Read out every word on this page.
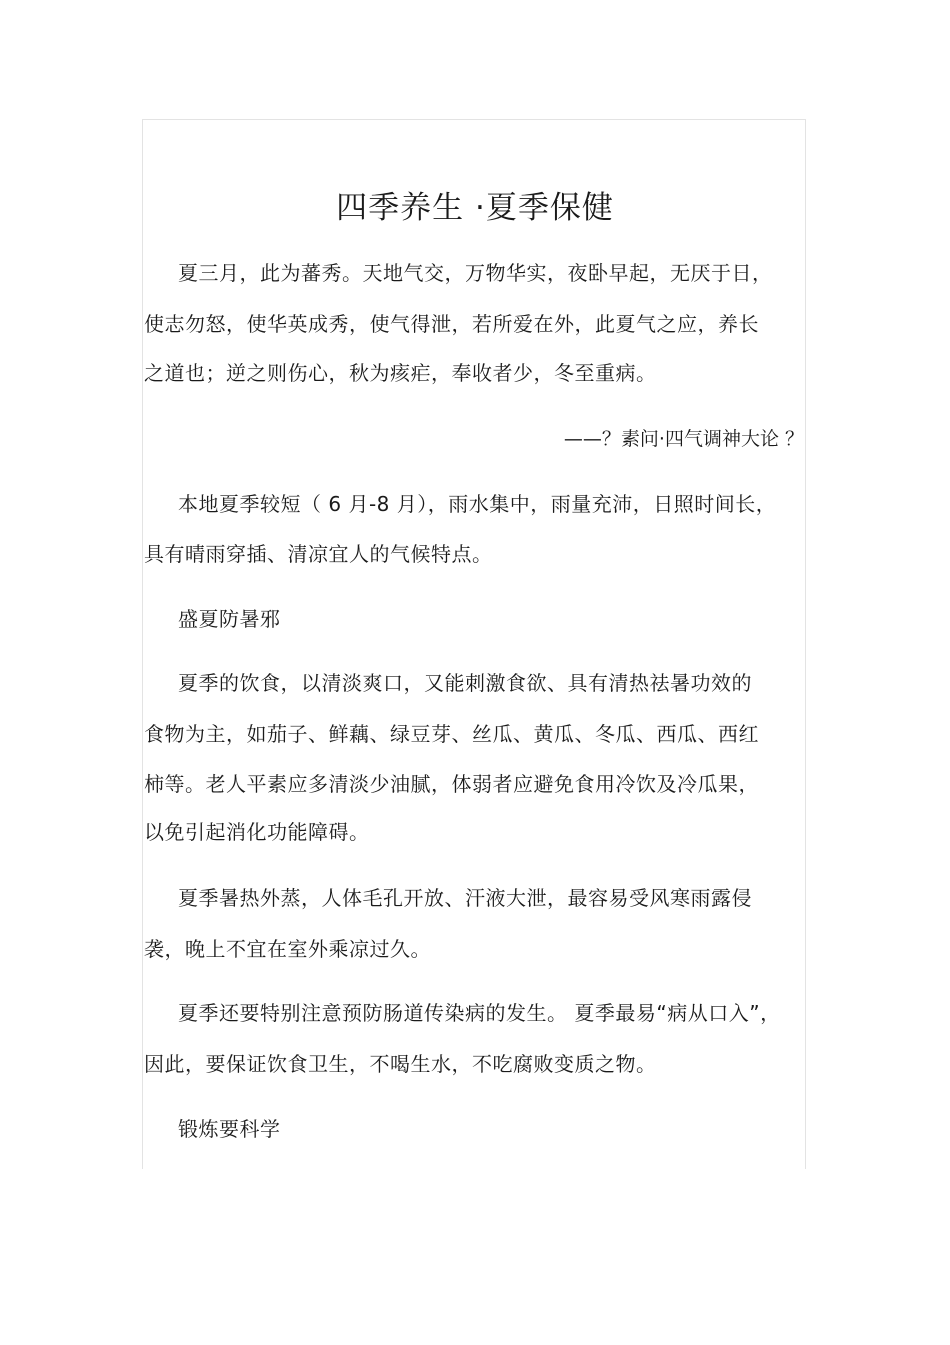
四季养生 ·夏季保健
夏三月，此为蕃秀。天地气交，万物华实，夜卧早起，无厌于日，
使志勿怒，使华英成秀，使气得泄，若所爱在外，此夏气之应，养长
之道也；逆之则伤心，秋为痎疟，奉收者少，冬至重病。
——？素问·四气调神大论 ？
本地夏季较短（ 6 月-8 月），雨水集中，雨量充沛，日照时间长，
具有晴雨穿插、清凉宜人的气候特点。
盛夏防暑邪
夏季的饮食，以清淡爽口，又能刺激食欲、具有清热祛暑功效的
食物为主，如茄子、鲜藕、绿豆芽、丝瓜、黄瓜、冬瓜、西瓜、西红
柿等。老人平素应多清淡少油腻，体弱者应避免食用冷饮及冷瓜果，
以免引起消化功能障碍。
夏季暑热外蒸，人体毛孔开放、汗液大泄，最容易受风寒雨露侵
袭，晚上不宜在室外乘凉过久。
夏季还要特别注意预防肠道传染病的发生。 夏季最易“病从口入”，
因此，要保证饮食卫生，不喝生水，不吃腐败变质之物。
锻炼要科学
